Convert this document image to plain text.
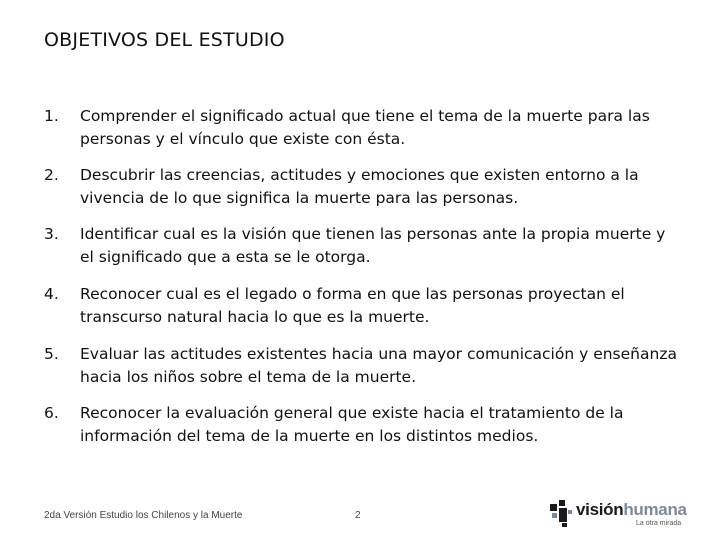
OBJETIVOS DEL ESTUDIO
1.	Comprender el significado actual que tiene el tema de la muerte para las personas y el vínculo que existe con ésta.
2.	Descubrir las creencias, actitudes y emociones que existen entorno a la vivencia de lo que significa la muerte para las personas.
3.	Identificar cual es la visión que tienen las personas ante la propia muerte y el significado que a esta se le otorga.
4.	Reconocer cual es el legado o forma en que las personas proyectan el transcurso natural hacia lo que es la muerte.
5.	Evaluar las actitudes existentes hacia una mayor comunicación y enseñanza hacia los niños sobre el tema de la muerte.
6.	Reconocer la evaluación general que existe hacia el tratamiento de la información del tema de la muerte en los distintos medios.
2da Versión Estudio los Chilenos y la Muerte	2	visiónhumana
La otra mirada
